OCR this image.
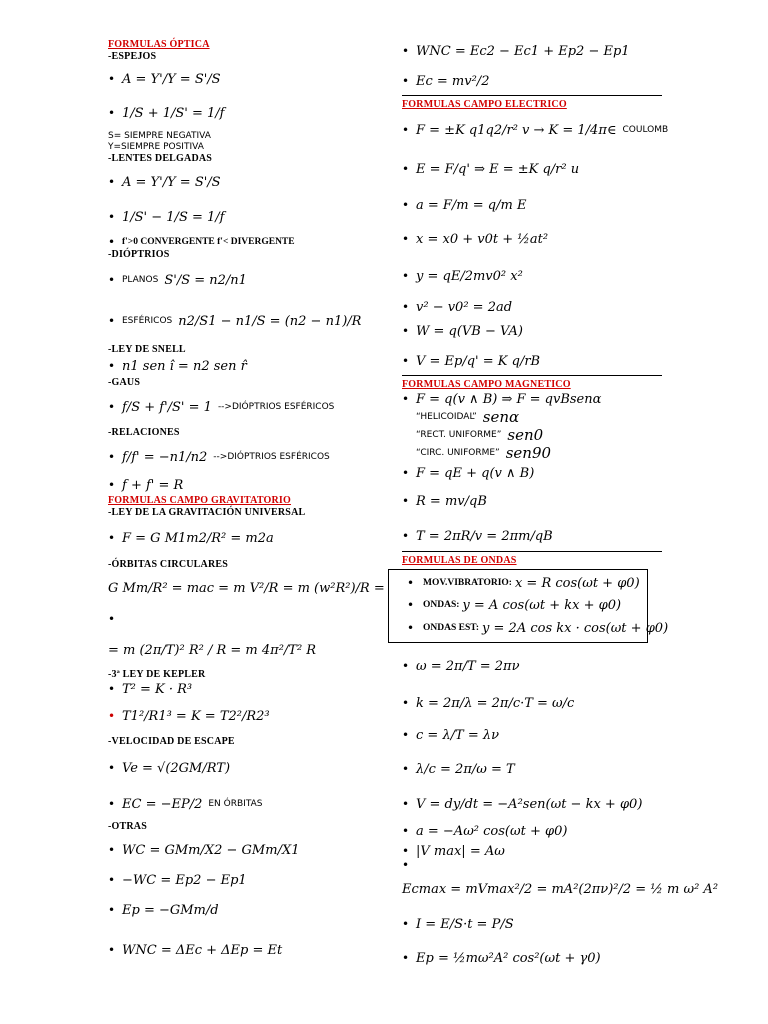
FORMULAS ÓPTICA
-ESPEJOS
• A = Y'/Y = S'/S
• 1/S + 1/S' = 1/f
S= SIEMPRE NEGATIVA
Y=SIEMPRE POSITIVA
-LENTES DELGADAS
• A = Y'/Y = S'/S
• 1/S' − 1/S = 1/f
• f'>0 CONVERGENTE f'< DIVERGENTE
-DIÓPTRIOS
• PLANOS S'/S = n2/n1
• ESFÉRICOS n2/S1 − n1/S = (n2 − n1)/R
-LEY DE SNELL
• n1 sen î = n2 sen r̂
-GAUS
• f/S + f'/S' = 1 -->DIÓPTRIOS ESFÉRICOS
-RELACIONES
• f/f' = −n1/n2 -->DIÓPTRIOS ESFÉRICOS
• f + f' = R
FORMULAS CAMPO GRAVITATORIO
-LEY DE LA GRAVITACIÓN UNIVERSAL
• F = G M1m2/R² = m2a
-ÓRBITAS CIRCULARES
G Mm/R² = mac = m V²/R = m (w²R²)/R =
•
= m (2π/T)² R² / R = m 4π²/T² R
-3ª LEY DE KEPLER
• T² = K · R³
• T1²/R1³ = K = T2²/R2³
-VELOCIDAD DE ESCAPE
• Ve = √(2GM/RT)
• EC = −EP/2 EN ÓRBITAS
-OTRAS
• WC = GMm/X2 − GMm/X1
• −WC = Ep2 − Ep1
• Ep = −GMm/d
• WNC = ΔEc + ΔEp = Et
• WNC = Ec2 − Ec1 + Ep2 − Ep1
• Ec = mv²/2
FORMULAS CAMPO ELECTRICO
• F = ±K q1q2/r² v → K = 1/4π∈ COULOMB
• E = F/q' ⇒ E = ±K q/r² u
• a = F/m = q/m E
• x = x0 + v0t + ½at²
• y = qE/2mv0² x²
• v² − v0² = 2ad
• W = q(VB − VA)
• V = Ep/q' = K q/rB
FORMULAS CAMPO MAGNETICO
• F = q(v ∧ B) ⇒ F = qvBsenα
“HELICOIDAL” senα
“RECT. UNIFORME” sen0
“CIRC. UNIFORME” sen90
• F = qE + q(v ∧ B)
• R = mv/qB
• T = 2πR/v = 2πm/qB
FORMULAS DE ONDAS
• MOV.VIBRATORIO: x = R cos(ωt + φ0)
• ONDAS: y = A cos(ωt + kx + φ0)
• ONDAS EST: y = 2A cos kx · cos(ωt + φ0)
• ω = 2π/T = 2πν
• k = 2π/λ = 2π/c·T = ω/c
• c = λ/T = λν
• λ/c = 2π/ω = T
• V = dy/dt = −A²sen(ωt − kx + φ0)
• a = −Aω² cos(ωt + φ0)
• |V max| = Aω
•
Ecmax = mVmax²/2 = mA²(2πν)²/2 = ½ m ω² A²
• I = E/S·t = P/S
• Ep = ½mω²A² cos²(ωt + γ0)
